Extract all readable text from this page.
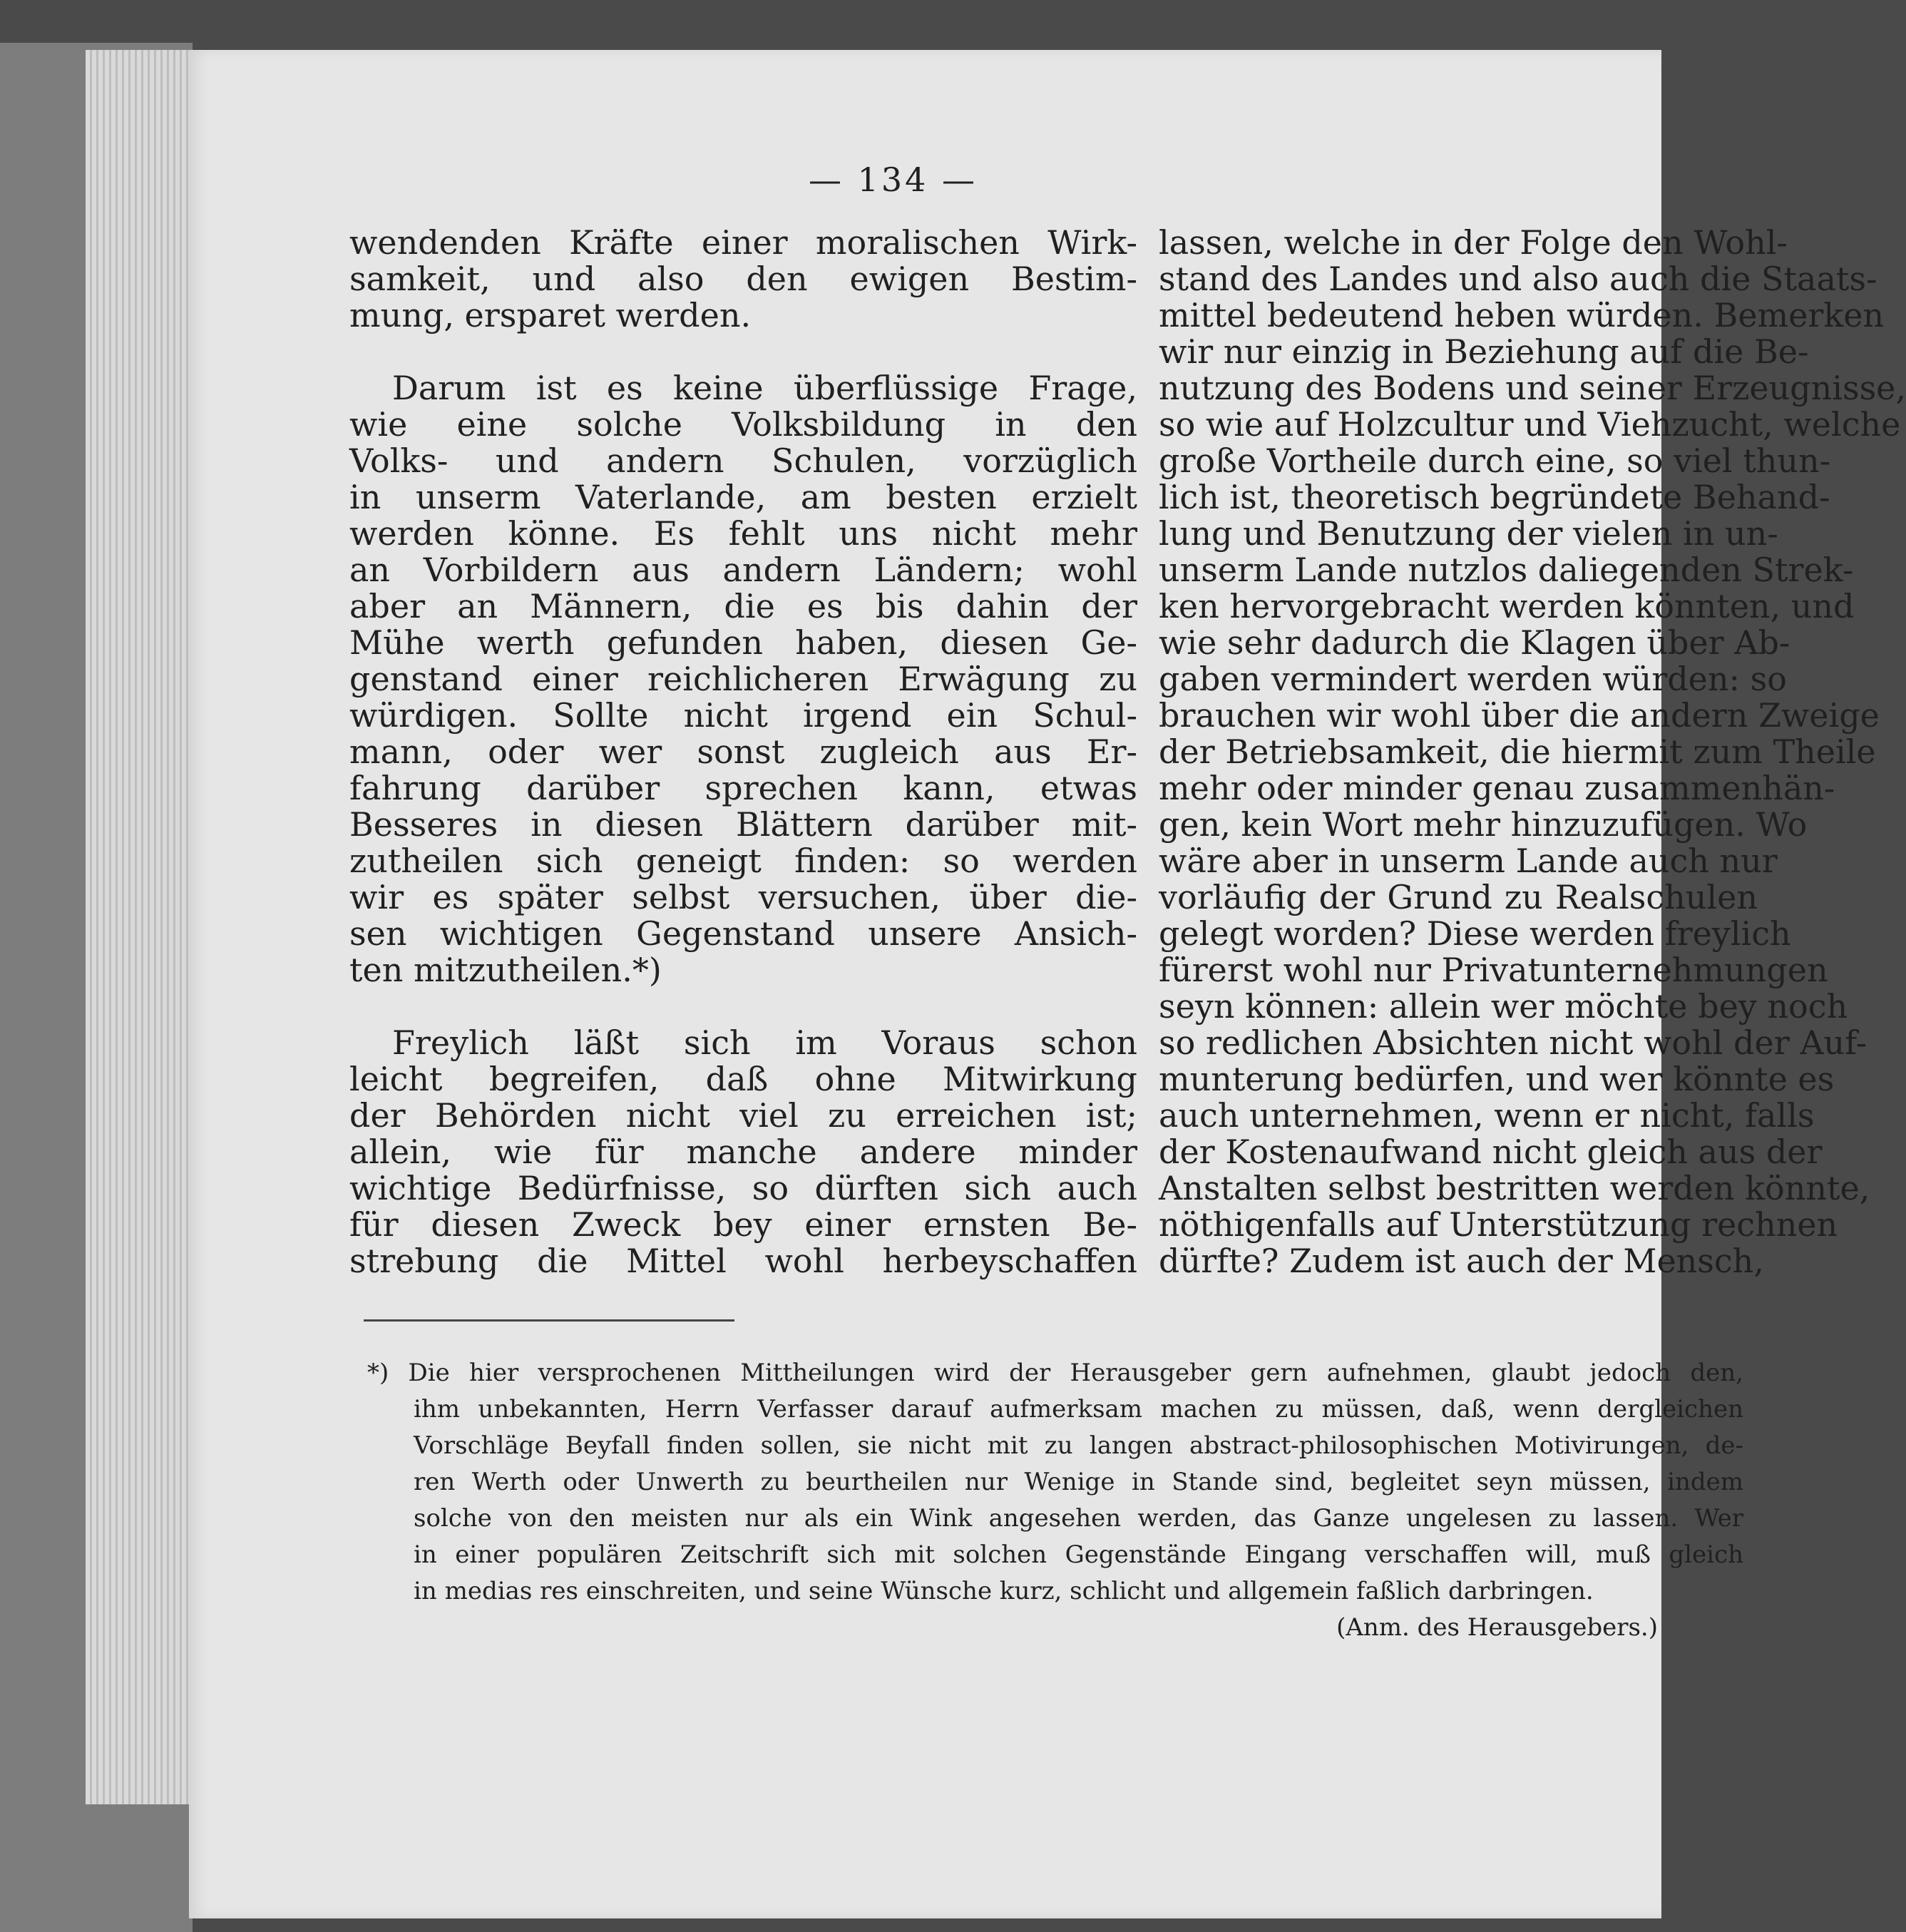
— 134 —
wendenden Kräfte einer moralischen Wirk-
samkeit, und also den ewigen Bestim-
mung, ersparet werden.
Darum ist es keine überflüssige Frage,
wie eine solche Volksbildung in den
Volks- und andern Schulen, vorzüglich
in unserm Vaterlande, am besten erzielt
werden könne. Es fehlt uns nicht mehr
an Vorbildern aus andern Ländern; wohl
aber an Männern, die es bis dahin der
Mühe werth gefunden haben, diesen Ge-
genstand einer reichlicheren Erwägung zu
würdigen. Sollte nicht irgend ein Schul-
mann, oder wer sonst zugleich aus Er-
fahrung darüber sprechen kann, etwas
Besseres in diesen Blättern darüber mit-
zutheilen sich geneigt finden: so werden
wir es später selbst versuchen, über die-
sen wichtigen Gegenstand unsere Ansich-
ten mitzutheilen.*)
Freylich läßt sich im Voraus schon
leicht begreifen, daß ohne Mitwirkung
der Behörden nicht viel zu erreichen ist;
allein, wie für manche andere minder
wichtige Bedürfnisse, so dürften sich auch
für diesen Zweck bey einer ernsten Be-
strebung die Mittel wohl herbeyschaffen
lassen, welche in der Folge den Wohl-
stand des Landes und also auch die Staats-
mittel bedeutend heben würden. Bemerken
wir nur einzig in Beziehung auf die Be-
nutzung des Bodens und seiner Erzeugnisse,
so wie auf Holzcultur und Viehzucht, welche
große Vortheile durch eine, so viel thun-
lich ist, theoretisch begründete Behand-
lung und Benutzung der vielen in un-
unserm Lande nutzlos daliegenden Strek-
ken hervorgebracht werden könnten, und
wie sehr dadurch die Klagen über Ab-
gaben vermindert werden würden: so
brauchen wir wohl über die andern Zweige
der Betriebsamkeit, die hiermit zum Theile
mehr oder minder genau zusammenhän-
gen, kein Wort mehr hinzuzufügen. Wo
wäre aber in unserm Lande auch nur
vorläufig der Grund zu Realschulen
gelegt worden? Diese werden freylich
fürerst wohl nur Privatunternehmungen
seyn können: allein wer möchte bey noch
so redlichen Absichten nicht wohl der Auf-
munterung bedürfen, und wer könnte es
auch unternehmen, wenn er nicht, falls
der Kostenaufwand nicht gleich aus der
Anstalten selbst bestritten werden könnte,
nöthigenfalls auf Unterstützung rechnen
dürfte? Zudem ist auch der Mensch,
*) Die hier versprochenen Mittheilungen wird der Herausgeber gern aufnehmen, glaubt jedoch den,
ihm unbekannten, Herrn Verfasser darauf aufmerksam machen zu müssen, daß, wenn dergleichen
Vorschläge Beyfall finden sollen, sie nicht mit zu langen abstract-philosophischen Motivirungen, de-
ren Werth oder Unwerth zu beurtheilen nur Wenige in Stande sind, begleitet seyn müssen, indem
solche von den meisten nur als ein Wink angesehen werden, das Ganze ungelesen zu lassen. Wer
in einer populären Zeitschrift sich mit solchen Gegenstände Eingang verschaffen will, muß gleich
in medias res einschreiten, und seine Wünsche kurz, schlicht und allgemein faßlich darbringen.
(Anm. des Herausgebers.)
